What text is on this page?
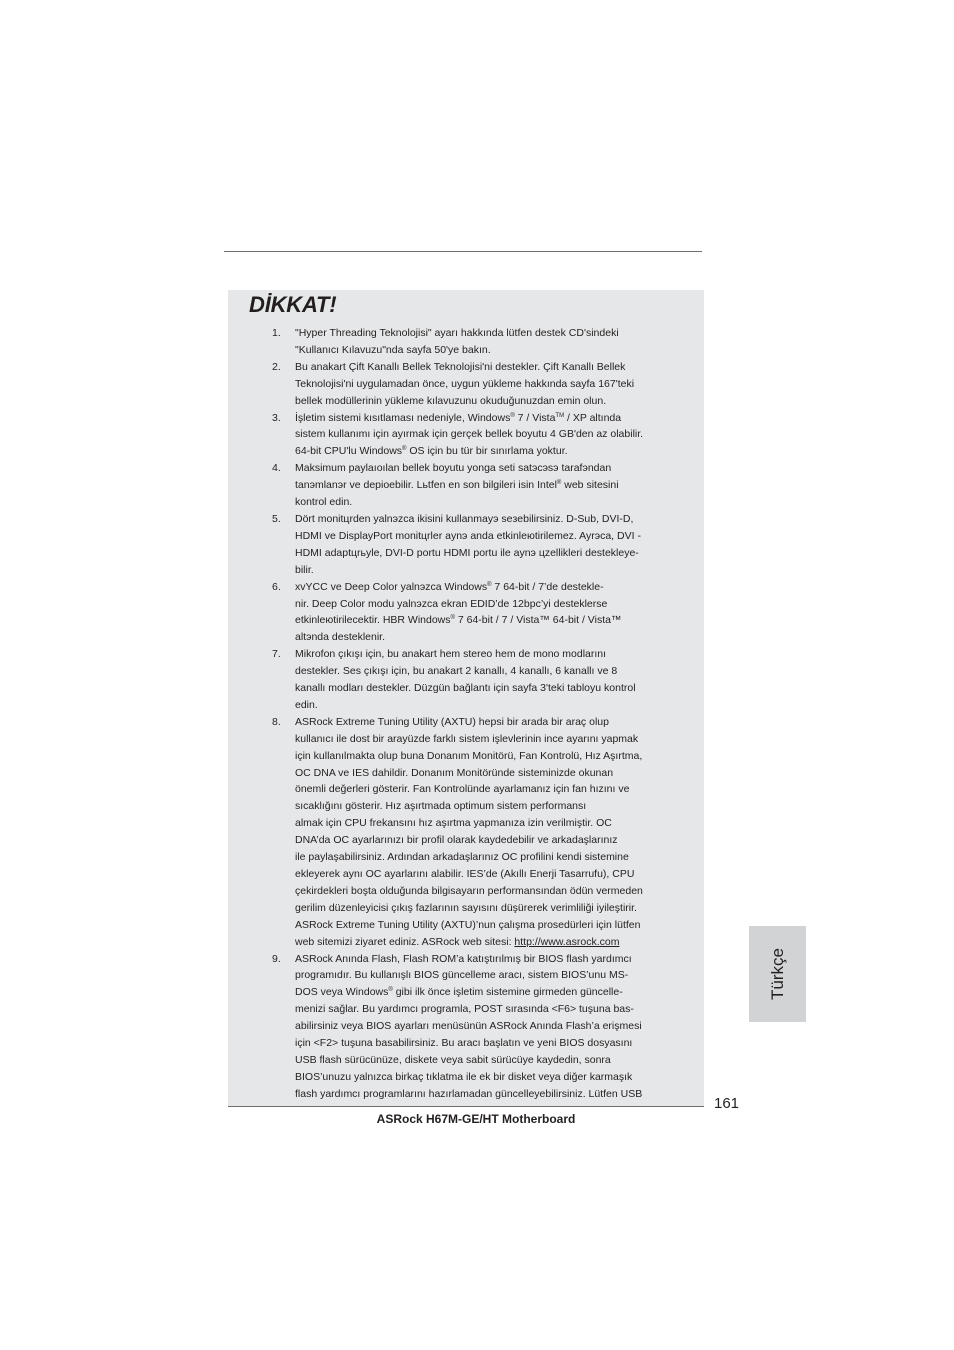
DİKKAT!
1. "Hyper Threading Teknolojisi" ayarı hakkında lütfen destek CD'sindeki
"Kullanıcı Kılavuzu"nda sayfa 50'ye bakın.
2. Bu anakart Çift Kanallı Bellek Teknolojisi'ni destekler. Çift Kanallı Bellek
Teknolojisi'ni uygulamadan önce, uygun yükleme hakkında sayfa 167'teki
bellek modüllerinin yükleme kılavuzunu okuduğunuzdan emin olun.
3. İşletim sistemi kısıtlaması nedeniyle, Windows® 7 / Vista™ / XP altında
sistem kullanımı için ayırmak için gerçek bellek boyutu 4 GB'den az olabilir.
64-bit CPU'lu Windows® OS için bu tür bir sınırlama yoktur.
4. Maksimum paylaıoılan bellek boyutu yonga seti satэcэsэ tarafэndan
tanэmlanэr ve depioebilir. Lьtfen en son bilgileri isin Intel® web sitesini
kontrol edin.
5. Dört monitцrden yalnэzca ikisini kullanmayэ seзebilirsiniz. D-Sub, DVI-D,
HDMI ve DisplayPort monitцrler aynэ anda etkinleюtirilemez. Ayrэca, DVI -
HDMI adaptцrьyle, DVI-D portu HDMI portu ile aynэ цzellikleri destekleye-
bilir.
6. xvYCC ve Deep Color yalnэzca Windows® 7 64-bit / 7’de destekle-
nir. Deep Color modu yalnэzca ekran EDID’de 12bpc’yi desteklerse
etkinleюtirilecektir. HBR Windows® 7 64-bit / 7 / Vista™ 64-bit / Vista™
altэnda desteklenir.
7. Mikrofon çıkışı için, bu anakart hem stereo hem de mono modlarını
destekler. Ses çıkışı için, bu anakart 2 kanallı, 4 kanallı, 6 kanallı ve 8
kanallı modları destekler. Düzgün bağlantı için sayfa 3'teki tabloyu kontrol
edin.
8. ASRock Extreme Tuning Utility (AXTU) hepsi bir arada bir araç olup
kullanıcı ile dost bir arayüzde farklı sistem işlevlerinin ince ayarını yapmak
için kullanılmakta olup buna Donanım Monitörü, Fan Kontrolü, Hız Aşırtma,
OC DNA ve IES dahildir. Donanım Monitöründe sisteminizde okunan
önemli değerleri gösterir. Fan Kontrolünde ayarlamanız için fan hızını ve
sıcaklığını gösterir. Hız aşırtmada optimum sistem performansı
almak için CPU frekansını hız aşırtma yapmanıza izin verilmiştir. OC
DNA’da OC ayarlarınızı bir profil olarak kaydedebilir ve arkadaşlarınız
ile paylaşabilirsiniz. Ardından arkadaşlarınız OC profilini kendi sistemine
ekleyerek aynı OC ayarlarını alabilir. IES’de (Akıllı Enerji Tasarrufu), CPU
çekirdekleri boşta olduğunda bilgisayarın performansından ödün vermeden
gerilim düzenleyicisi çıkış fazlarının sayısını düşürerek verimliliği iyileştirir.
ASRock Extreme Tuning Utility (AXTU)’nun çalışma prosedürleri için lütfen
web sitemizi ziyaret ediniz. ASRock web sitesi: http://www.asrock.com
9. ASRock Anında Flash, Flash ROM’a katıştırılmış bir BIOS flash yardımcı
programıdır. Bu kullanışlı BIOS güncelleme aracı, sistem BIOS’unu MS-
DOS veya Windows® gibi ilk önce işletim sistemine girmeden güncelle-
menizi sağlar. Bu yardımcı programla, POST sırasında <F6> tuşuna bas-
abilirsiniz veya BIOS ayarları menüsünün ASRock Anında Flash’a erişmesi
için <F2> tuşuna basabilirsiniz. Bu aracı başlatın ve yeni BIOS dosyasını
USB flash sürücünüze, diskete veya sabit sürücüye kaydedin, sonra
BIOS’unuzu yalnızca birkaç tıklatma ile ek bir disket veya diğer karmaşık
flash yardımcı programlarını hazırlamadan güncelleyebilirsiniz. Lütfen USB
161
ASRock H67M-GE/HT Motherboard
Türkçe
